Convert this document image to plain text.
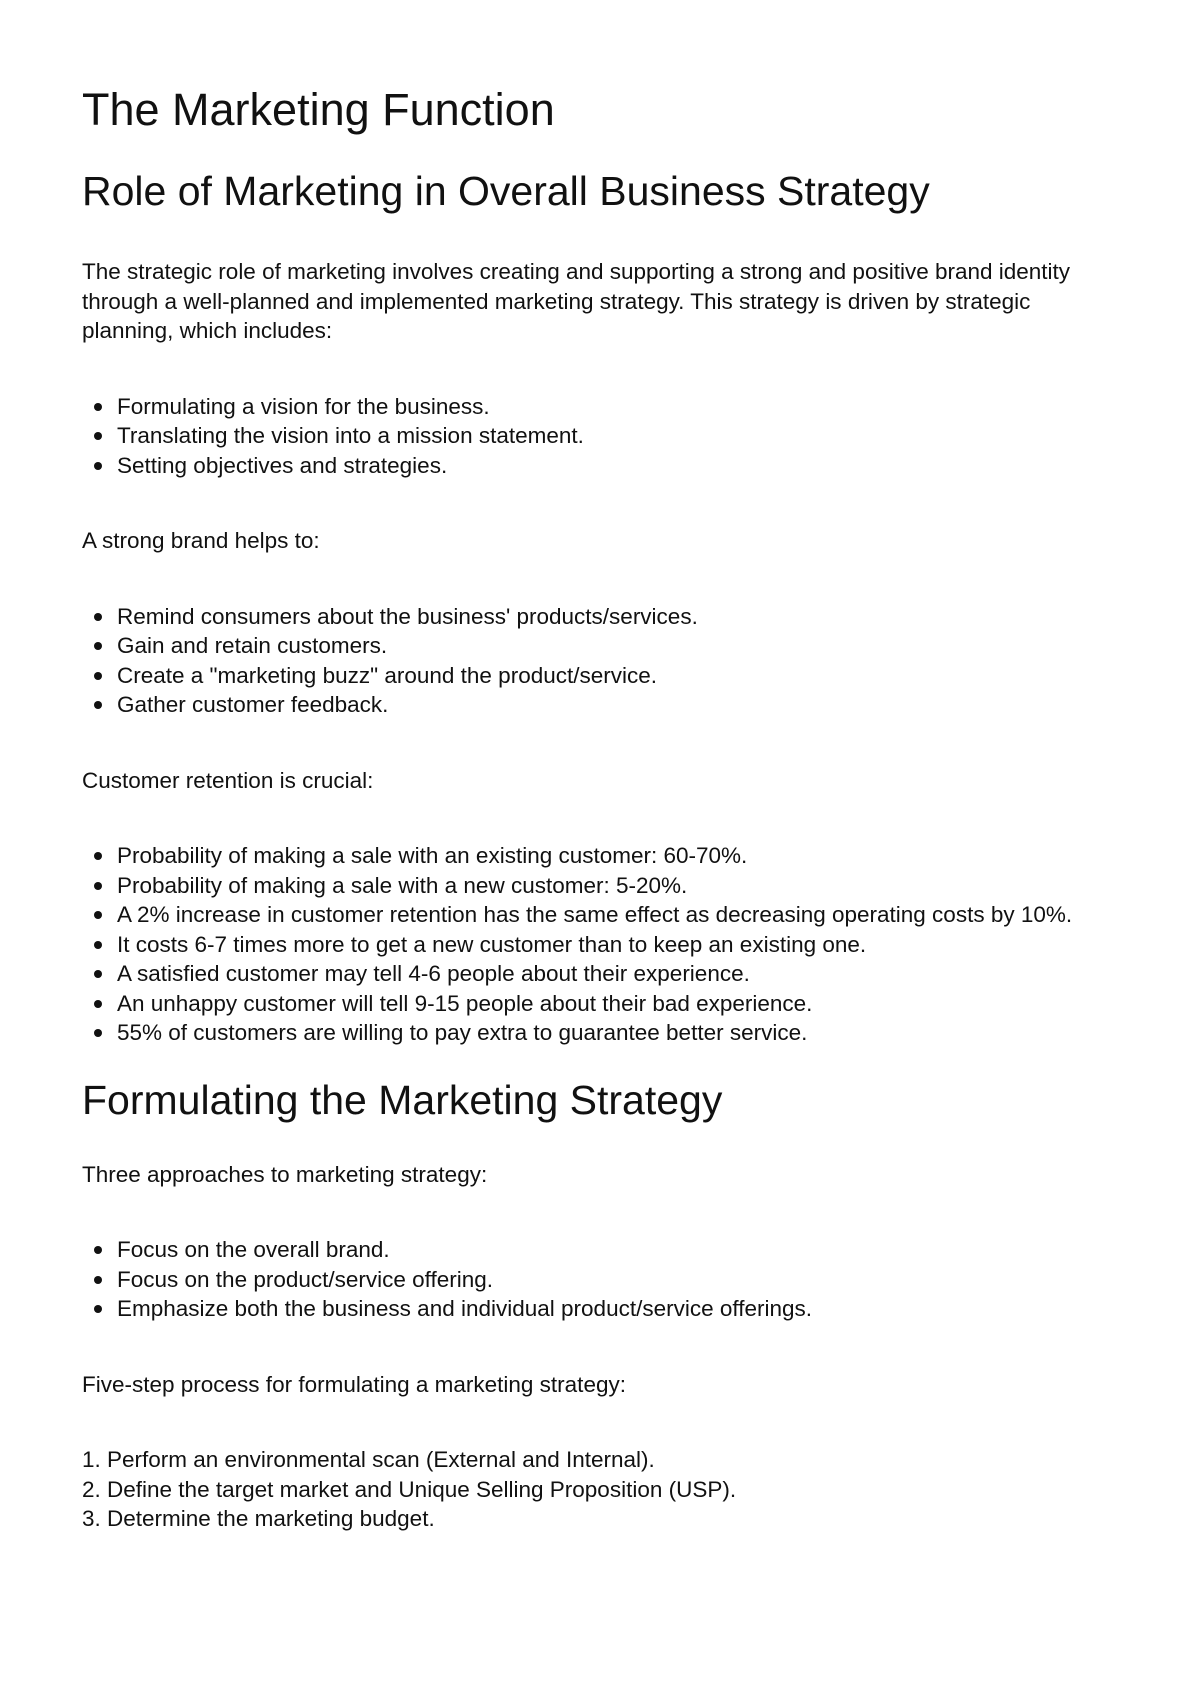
The Marketing Function
Role of Marketing in Overall Business Strategy

The strategic role of marketing involves creating and supporting a strong and positive brand identity through a well-planned and implemented marketing strategy. This strategy is driven by strategic planning, which includes:

Formulating a vision for the business.
Translating the vision into a mission statement.
Setting objectives and strategies.

A strong brand helps to:

Remind consumers about the business' products/services.
Gain and retain customers.
Create a "marketing buzz" around the product/service.
Gather customer feedback.

Customer retention is crucial:

Probability of making a sale with an existing customer: 60-70%.
Probability of making a sale with a new customer: 5-20%.
A 2% increase in customer retention has the same effect as decreasing operating costs by 10%.
It costs 6-7 times more to get a new customer than to keep an existing one.
A satisfied customer may tell 4-6 people about their experience.
An unhappy customer will tell 9-15 people about their bad experience.
55% of customers are willing to pay extra to guarantee better service.
Formulating the Marketing Strategy

Three approaches to marketing strategy:

Focus on the overall brand.
Focus on the product/service offering.
Emphasize both the business and individual product/service offerings.

Five-step process for formulating a marketing strategy:

1. Perform an environmental scan (External and Internal).
2. Define the target market and Unique Selling Proposition (USP).
3. Determine the marketing budget.
